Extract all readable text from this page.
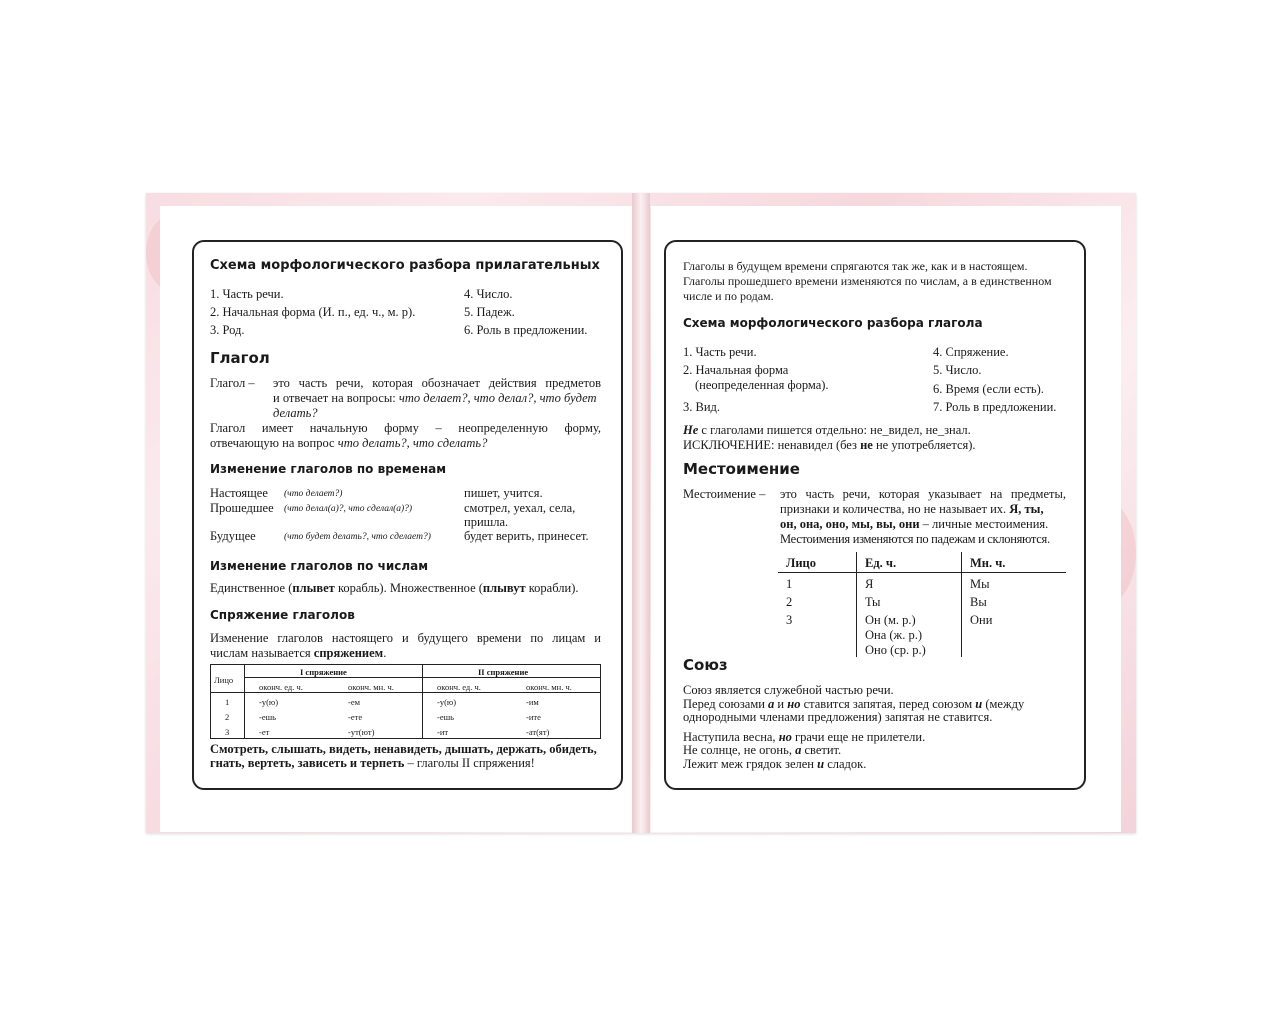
Схема морфологического разбора прилагательных
1. Часть речи.
2. Начальная форма (И. п., ед. ч., м. р).
3. Род.
4. Число.
5. Падеж.
6. Роль в предложении.
Глагол
Глагол – это часть речи, которая обозначает действия предметов
и отвечает на вопросы: что делает?, что делал?, что будет
делать?
Глагол имеет начальную форму – неопределенную форму,
отвечающую на вопрос что делать?, что сделать?
Изменение глаголов по временам
Настоящее (что делает?)	пишет, учится.
Прошедшее (что делал(а)?, что сделал(а)?)	смотрел, уехал, села,
пришла.
Будущее	(что будет делать?, что сделает?)	будет верить, принесет.
Изменение глаголов по числам
Единственное (плывет корабль). Множественное (плывут корабли).
Спряжение глаголов
Изменение глаголов настоящего и будущего времени по лицам и
числам называется спряжением.
Лицо
I спряжение	II спряжение
оконч. ед. ч.	оконч. мн. ч.	оконч. ед. ч.	оконч. мн. ч.
1	-у(ю)	-ем	-у(ю)	-им
2	-ешь	-ете	-ешь	-ите
3	-ет	-ут(ют)	-ит	-ат(ят)
Смотреть, слышать, видеть, ненавидеть, дышать, держать, обидеть,
гнать, вертеть, зависеть и терпеть – глаголы II спряжения!
Глаголы в будущем времени спрягаются так же, как и в настоящем.
Глаголы прошедшего времени изменяются по числам, а в единственном
числе и по родам.
Схема морфологического разбора глагола
1. Часть речи.
2. Начальная форма
(неопределенная форма).
3. Вид.
4. Спряжение.
5. Число.
6. Время (если есть).
7. Роль в предложении.
Не с глаголами пишется отдельно: не_видел, не_знал.
ИСКЛЮЧЕНИЕ: ненавидел (без не не употребляется).
Местоимение
Местоимение – это часть речи, которая указывает на предметы,
признаки и количества, но не называет их. Я, ты,
он, она, оно, мы, вы, они – личные местоимения.
Местоимения изменяются по падежам и склоняются.
Лицо	Ед. ч.	Мн. ч.
1	Я	Мы
2	Ты	Вы
3	Он (м. р.)	Они
Она (ж. р.)
Оно (ср. р.)
Союз
Союз является служебной частью речи.
Перед союзами а и но ставится запятая, перед союзом и (между
однородными членами предложения) запятая не ставится.
Наступила весна, но грачи еще не прилетели.
Не солнце, не огонь, а светит.
Лежит меж грядок зелен и сладок.
